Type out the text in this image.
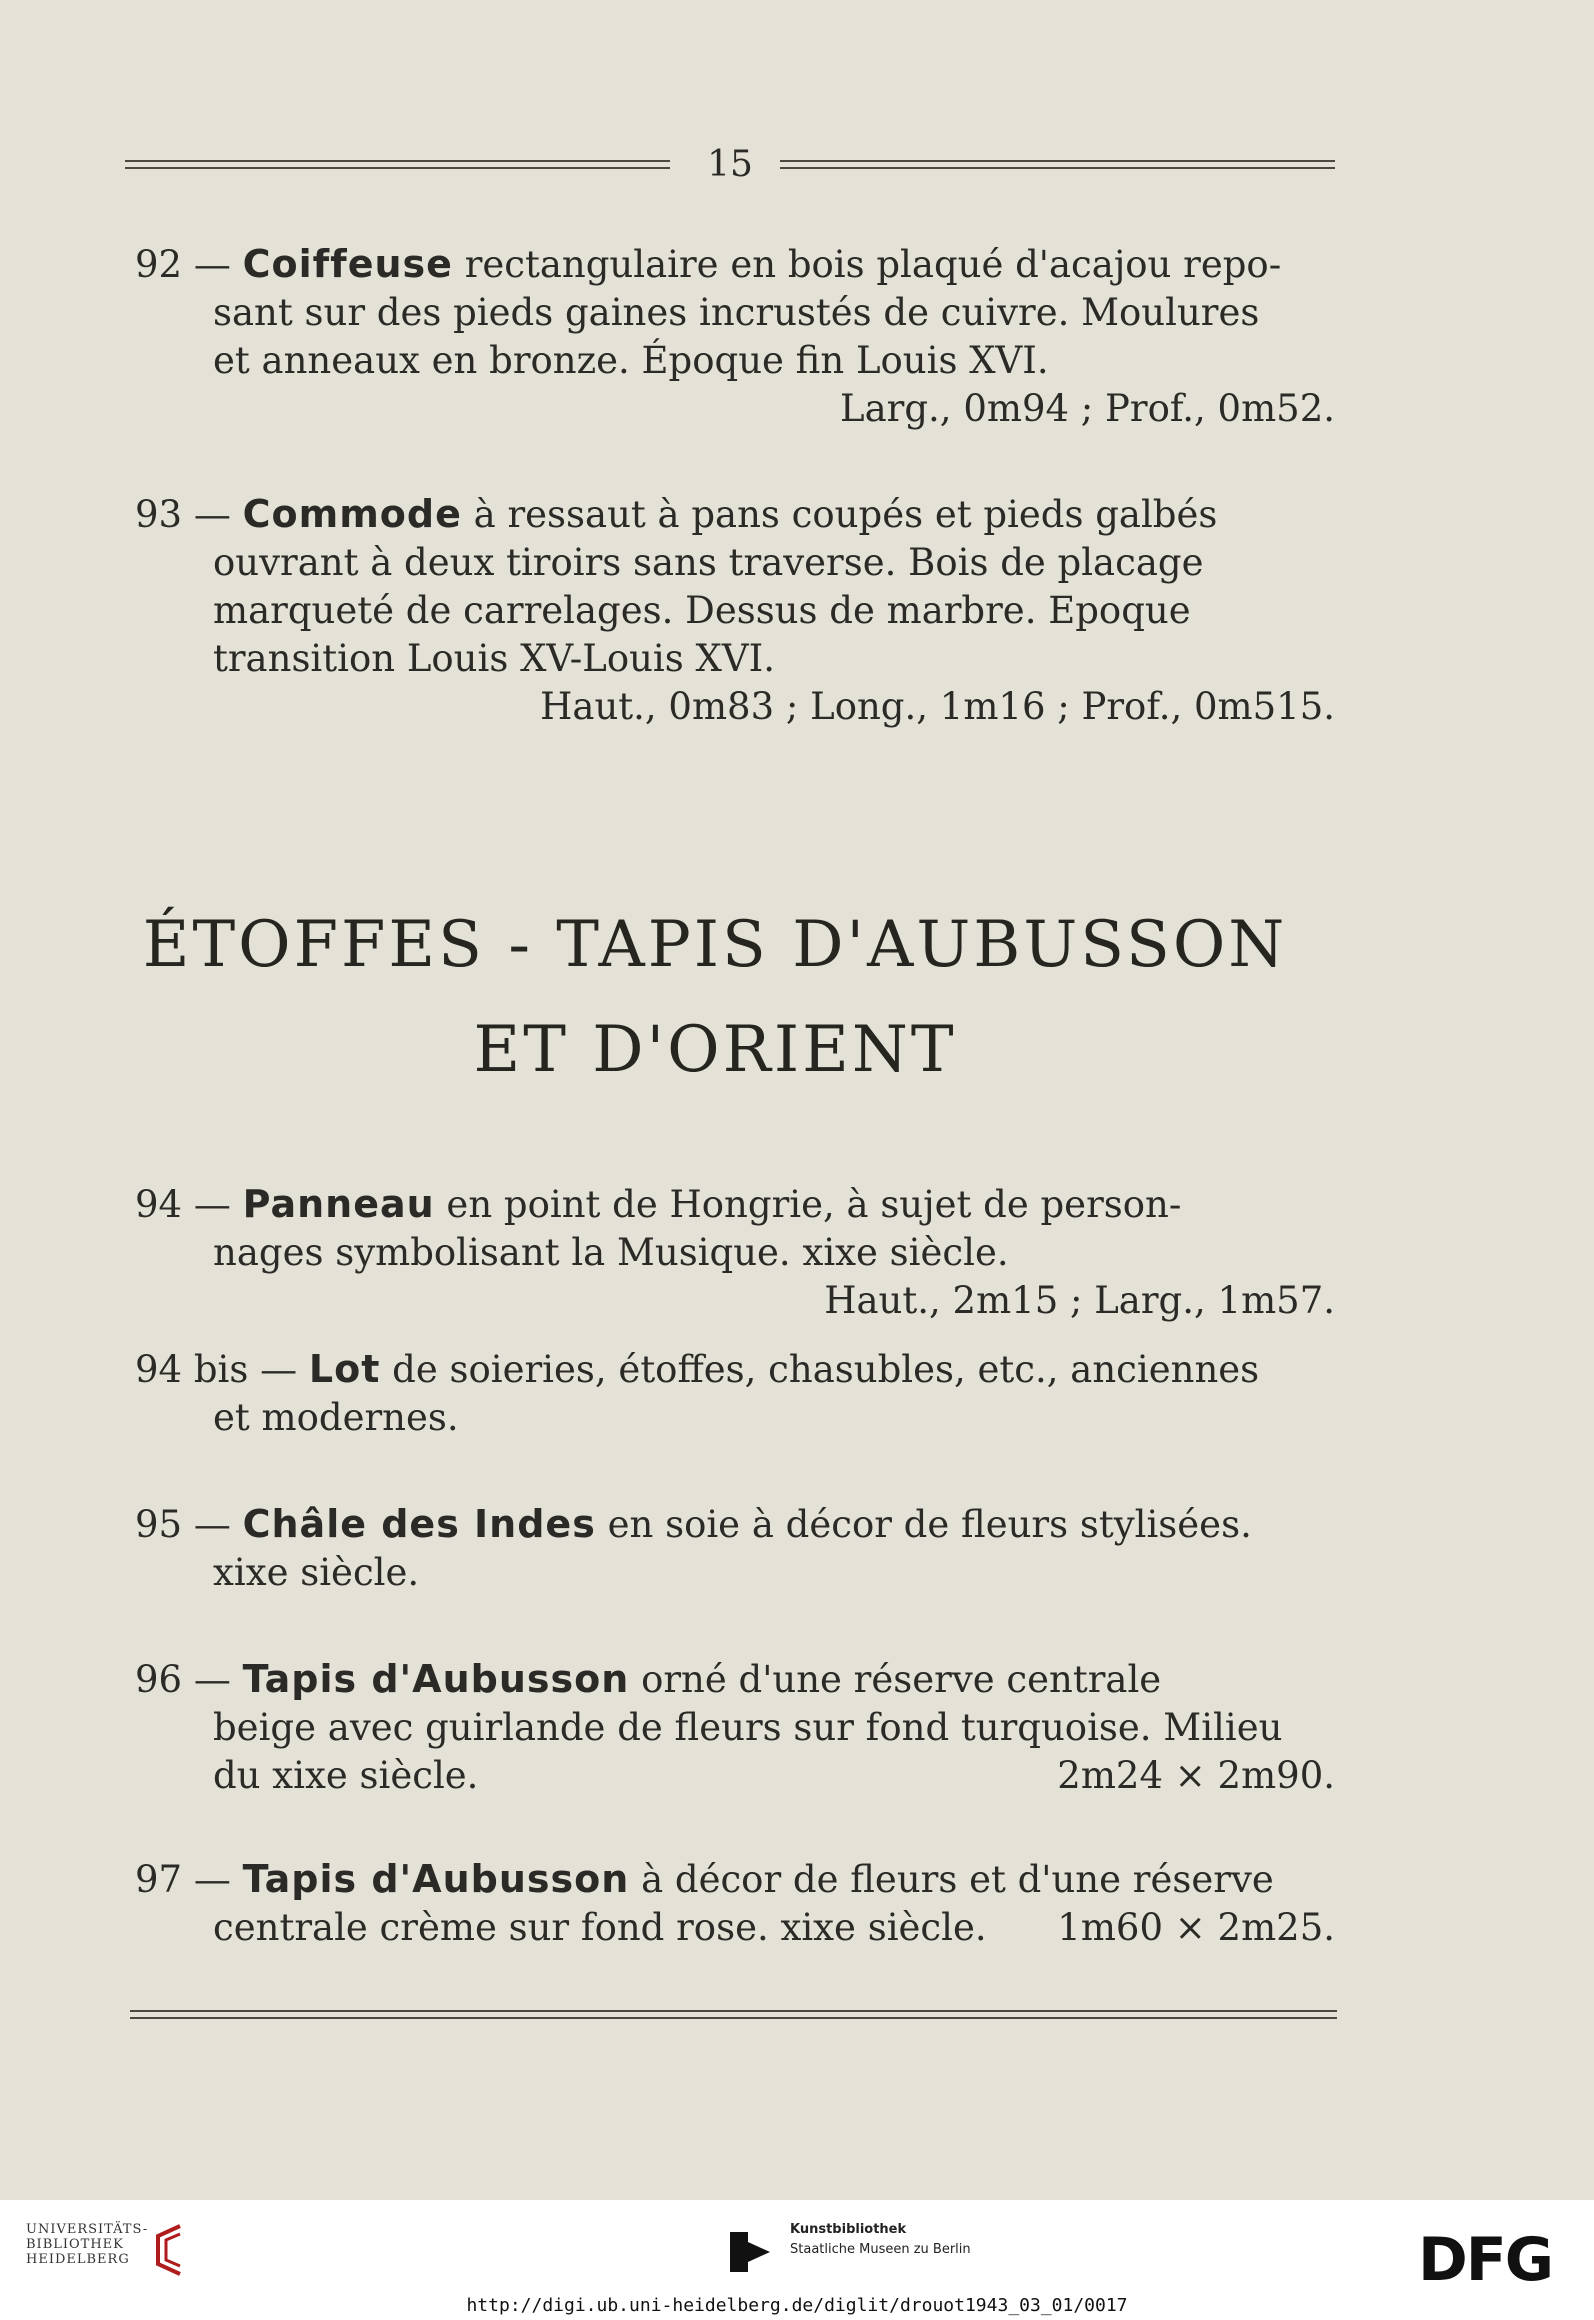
15
92 — Coiffeuse rectangulaire en bois plaqué d'acajou repo-
sant sur des pieds gaines incrustés de cuivre. Moulures
et anneaux en bronze. Époque fin Louis XVI.
Larg., 0m94 ; Prof., 0m52.
93 — Commode à ressaut à pans coupés et pieds galbés
ouvrant à deux tiroirs sans traverse. Bois de placage
marqueté de carrelages. Dessus de marbre. Epoque
transition Louis XV-Louis XVI.
Haut., 0m83 ; Long., 1m16 ; Prof., 0m515.
ÉTOFFES - TAPIS D'AUBUSSON
ET D'ORIENT
94 — Panneau en point de Hongrie, à sujet de person-
nages symbolisant la Musique. xixe siècle.
Haut., 2m15 ; Larg., 1m57.
94 bis — Lot de soieries, étoffes, chasubles, etc., anciennes
et modernes.
95 — Châle des Indes en soie à décor de fleurs stylisées.
xixe siècle.
96 — Tapis d'Aubusson orné d'une réserve centrale
beige avec guirlande de fleurs sur fond turquoise. Milieu
du xixe siècle.	2m24 × 2m90.
97 — Tapis d'Aubusson à décor de fleurs et d'une réserve
centrale crème sur fond rose. xixe siècle. 1m60 × 2m25.
UNIVERSITÄTS-
BIBLIOTHEK
HEIDELBERG
Kunstbibliothek
Staatliche Museen zu Berlin	DFG
http://digi.ub.uni-heidelberg.de/diglit/drouot1943_03_01/0017
